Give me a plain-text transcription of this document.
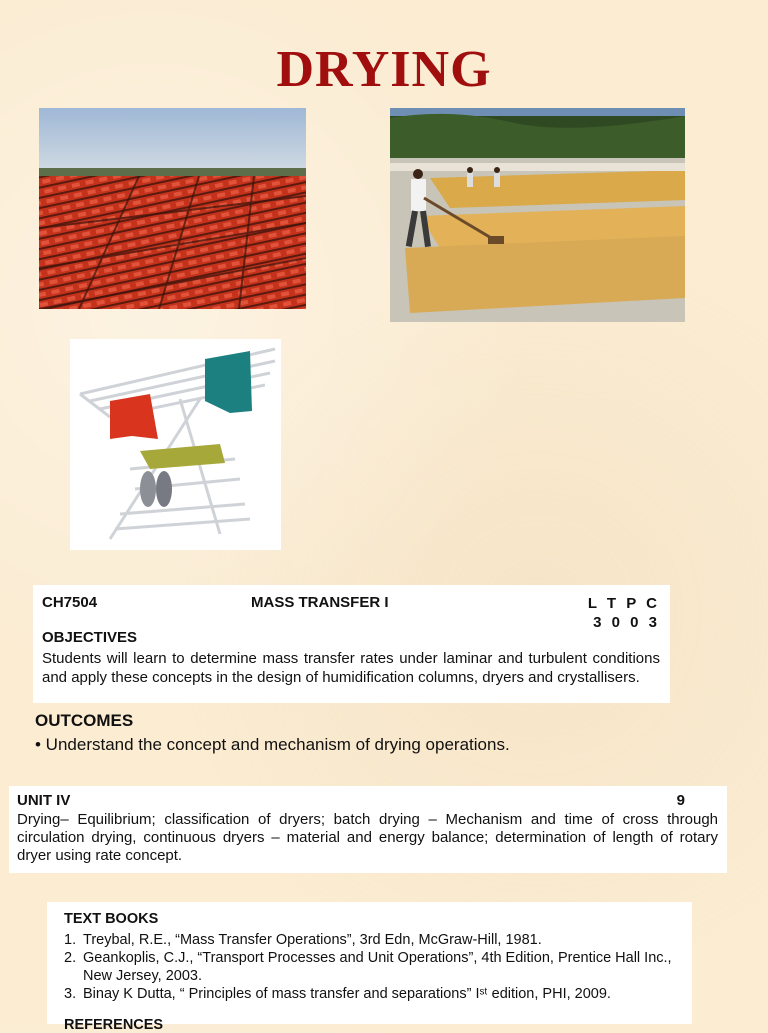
DRYING
CH7504	MASS TRANSFER I	L T P C
3 0 0 3
OBJECTIVES
Students will learn to determine mass transfer rates under laminar and turbulent conditions and apply these concepts in the design of humidification columns, dryers and crystallisers.
OUTCOMES
• Understand the concept and mechanism of drying operations.
UNIT IV	9
Drying– Equilibrium; classification of dryers; batch drying – Mechanism and time of cross through circulation drying, continuous dryers – material and energy balance; determination of length of rotary dryer using rate concept.
TEXT BOOKS
1. Treybal, R.E., “Mass Transfer Operations”, 3rd Edn, McGraw-Hill, 1981.
2. Geankoplis, C.J., “Transport Processes and Unit Operations”, 4th Edition, Prentice Hall Inc., New Jersey, 2003.
3. Binay K Dutta, “ Principles of mass transfer and separations” Iˢᵗ edition, PHI, 2009.
REFERENCES
